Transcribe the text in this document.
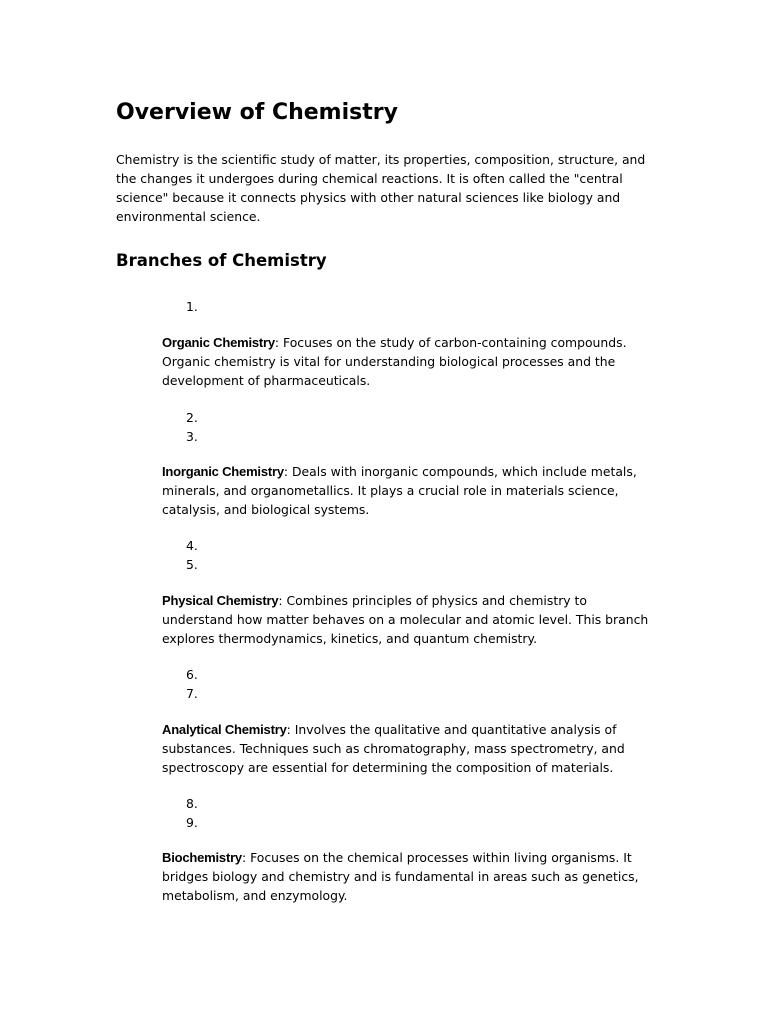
Overview of Chemistry

Chemistry is the scientific study of matter, its properties, composition, structure, and the changes it undergoes during chemical reactions. It is often called the "central science" because it connects physics with other natural sciences like biology and environmental science.

Branches of Chemistry
1.

Organic Chemistry: Focuses on the study of carbon-containing compounds. Organic chemistry is vital for understanding biological processes and the development of pharmaceuticals.

2.
3.

Inorganic Chemistry: Deals with inorganic compounds, which include metals, minerals, and organometallics. It plays a crucial role in materials science, catalysis, and biological systems.

4.
5.

Physical Chemistry: Combines principles of physics and chemistry to understand how matter behaves on a molecular and atomic level. This branch explores thermodynamics, kinetics, and quantum chemistry.

6.
7.

Analytical Chemistry: Involves the qualitative and quantitative analysis of substances. Techniques such as chromatography, mass spectrometry, and spectroscopy are essential for determining the composition of materials.

8.
9.

Biochemistry: Focuses on the chemical processes within living organisms. It bridges biology and chemistry and is fundamental in areas such as genetics, metabolism, and enzymology.
